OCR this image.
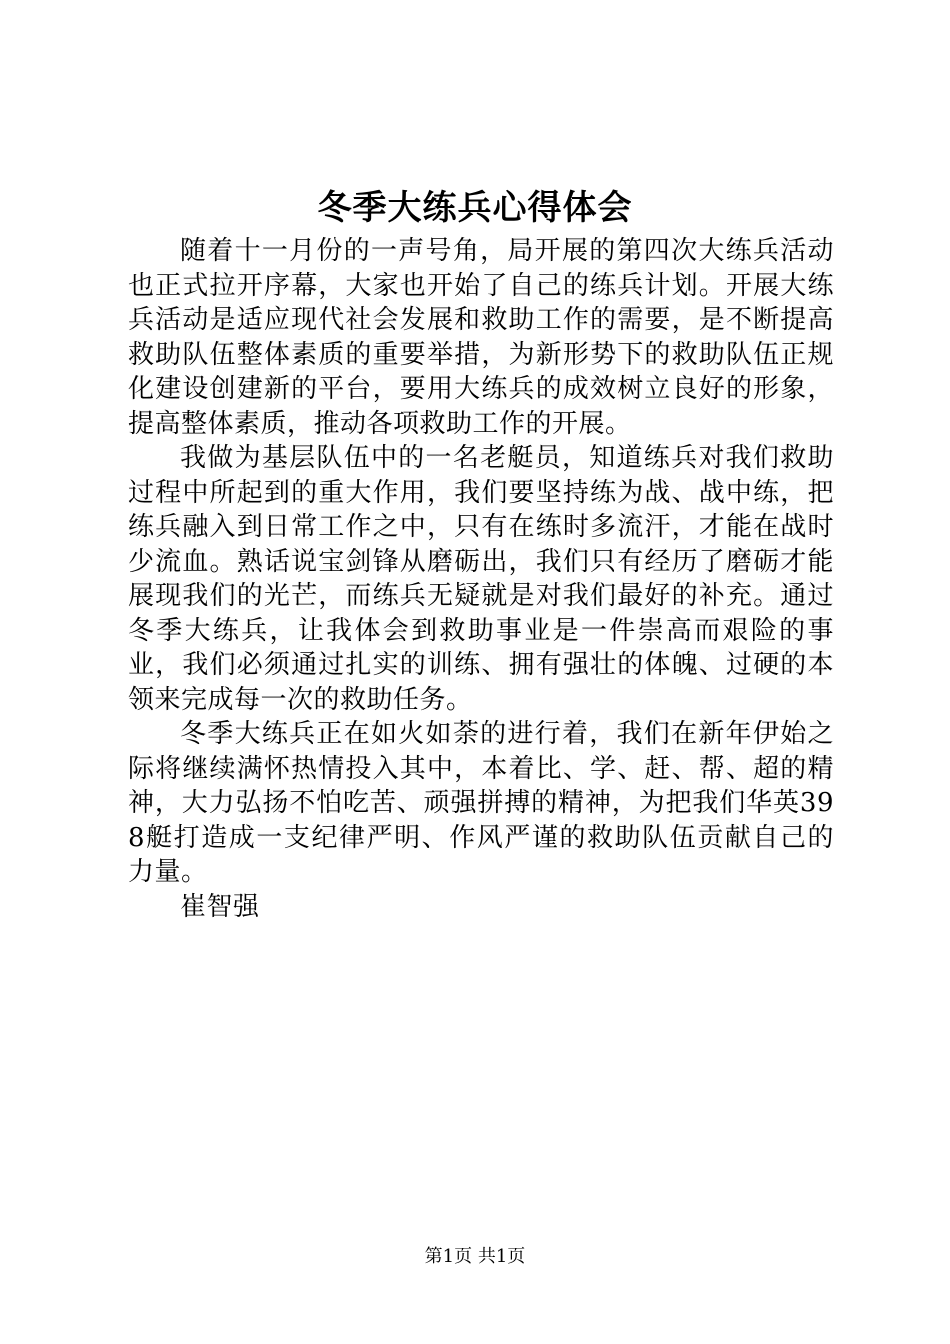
冬季大练兵心得体会

随着十一月份的一声号角，局开展的第四次大练兵活动也正式拉开序幕，大家也开始了自己的练兵计划。开展大练兵活动是适应现代社会发展和救助工作的需要，是不断提高救助队伍整体素质的重要举措，为新形势下的救助队伍正规化建设创建新的平台，要用大练兵的成效树立良好的形象，提高整体素质，推动各项救助工作的开展。

我做为基层队伍中的一名老艇员，知道练兵对我们救助过程中所起到的重大作用，我们要坚持练为战、战中练，把练兵融入到日常工作之中，只有在练时多流汗，才能在战时少流血。熟话说宝剑锋从磨砺出，我们只有经历了磨砺才能展现我们的光芒，而练兵无疑就是对我们最好的补充。通过冬季大练兵，让我体会到救助事业是一件崇高而艰险的事业，我们必须通过扎实的训练、拥有强壮的体魄、过硬的本领来完成每一次的救助任务。

冬季大练兵正在如火如荼的进行着，我们在新年伊始之际将继续满怀热情投入其中，本着比、学、赶、帮、超的精神，大力弘扬不怕吃苦、顽强拼搏的精神，为把我们华英398艇打造成一支纪律严明、作风严谨的救助队伍贡献自己的力量。

崔智强

第1页 共1页
